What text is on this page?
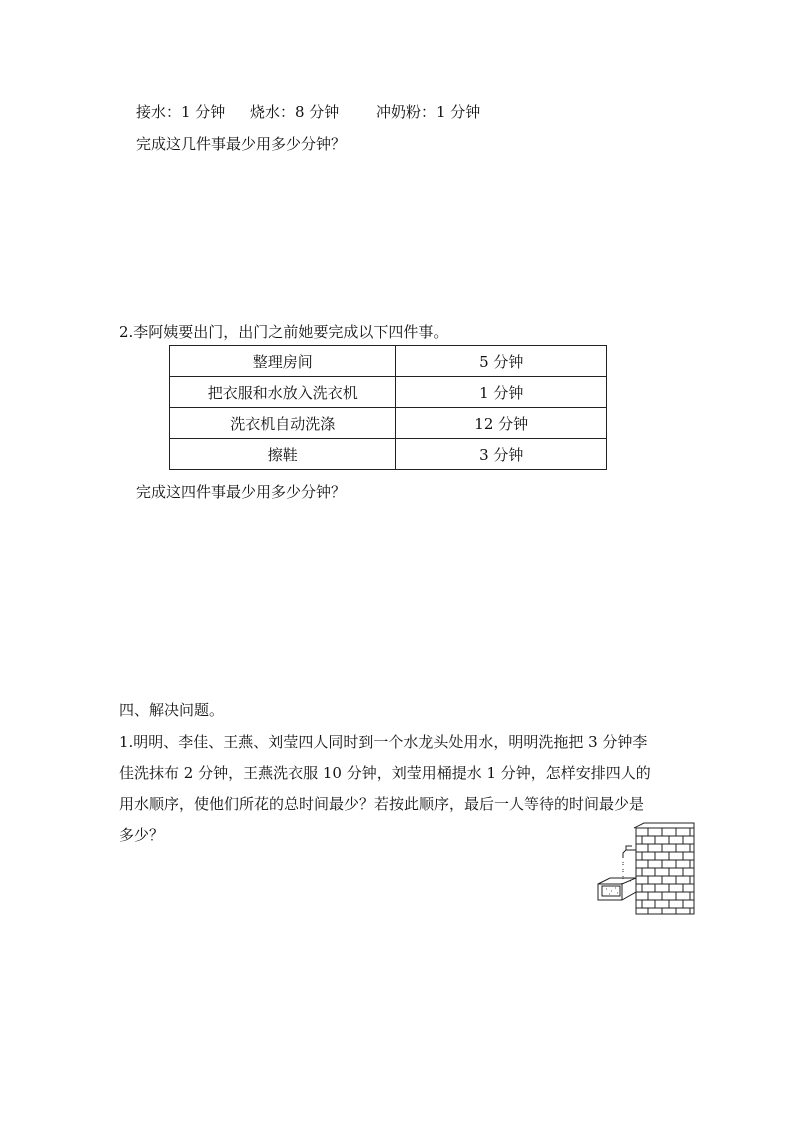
接水：1 分钟 烧水：8 分钟 冲奶粉：1 分钟
完成这几件事最少用多少分钟？
2.李阿姨要出门，出门之前她要完成以下四件事。
整理房间	5 分钟
把衣服和水放入洗衣机	1 分钟
洗衣机自动洗涤	12 分钟
擦鞋	3 分钟
完成这四件事最少用多少分钟？
四、解决问题。
1.明明、李佳、王燕、刘莹四人同时到一个水龙头处用水，明明洗拖把 3 分钟李
佳洗抹布 2 分钟，王燕洗衣服 10 分钟，刘莹用桶提水 1 分钟，怎样安排四人的
用水顺序，使他们所花的总时间最少？若按此顺序，最后一人等待的时间最少是
多少？
